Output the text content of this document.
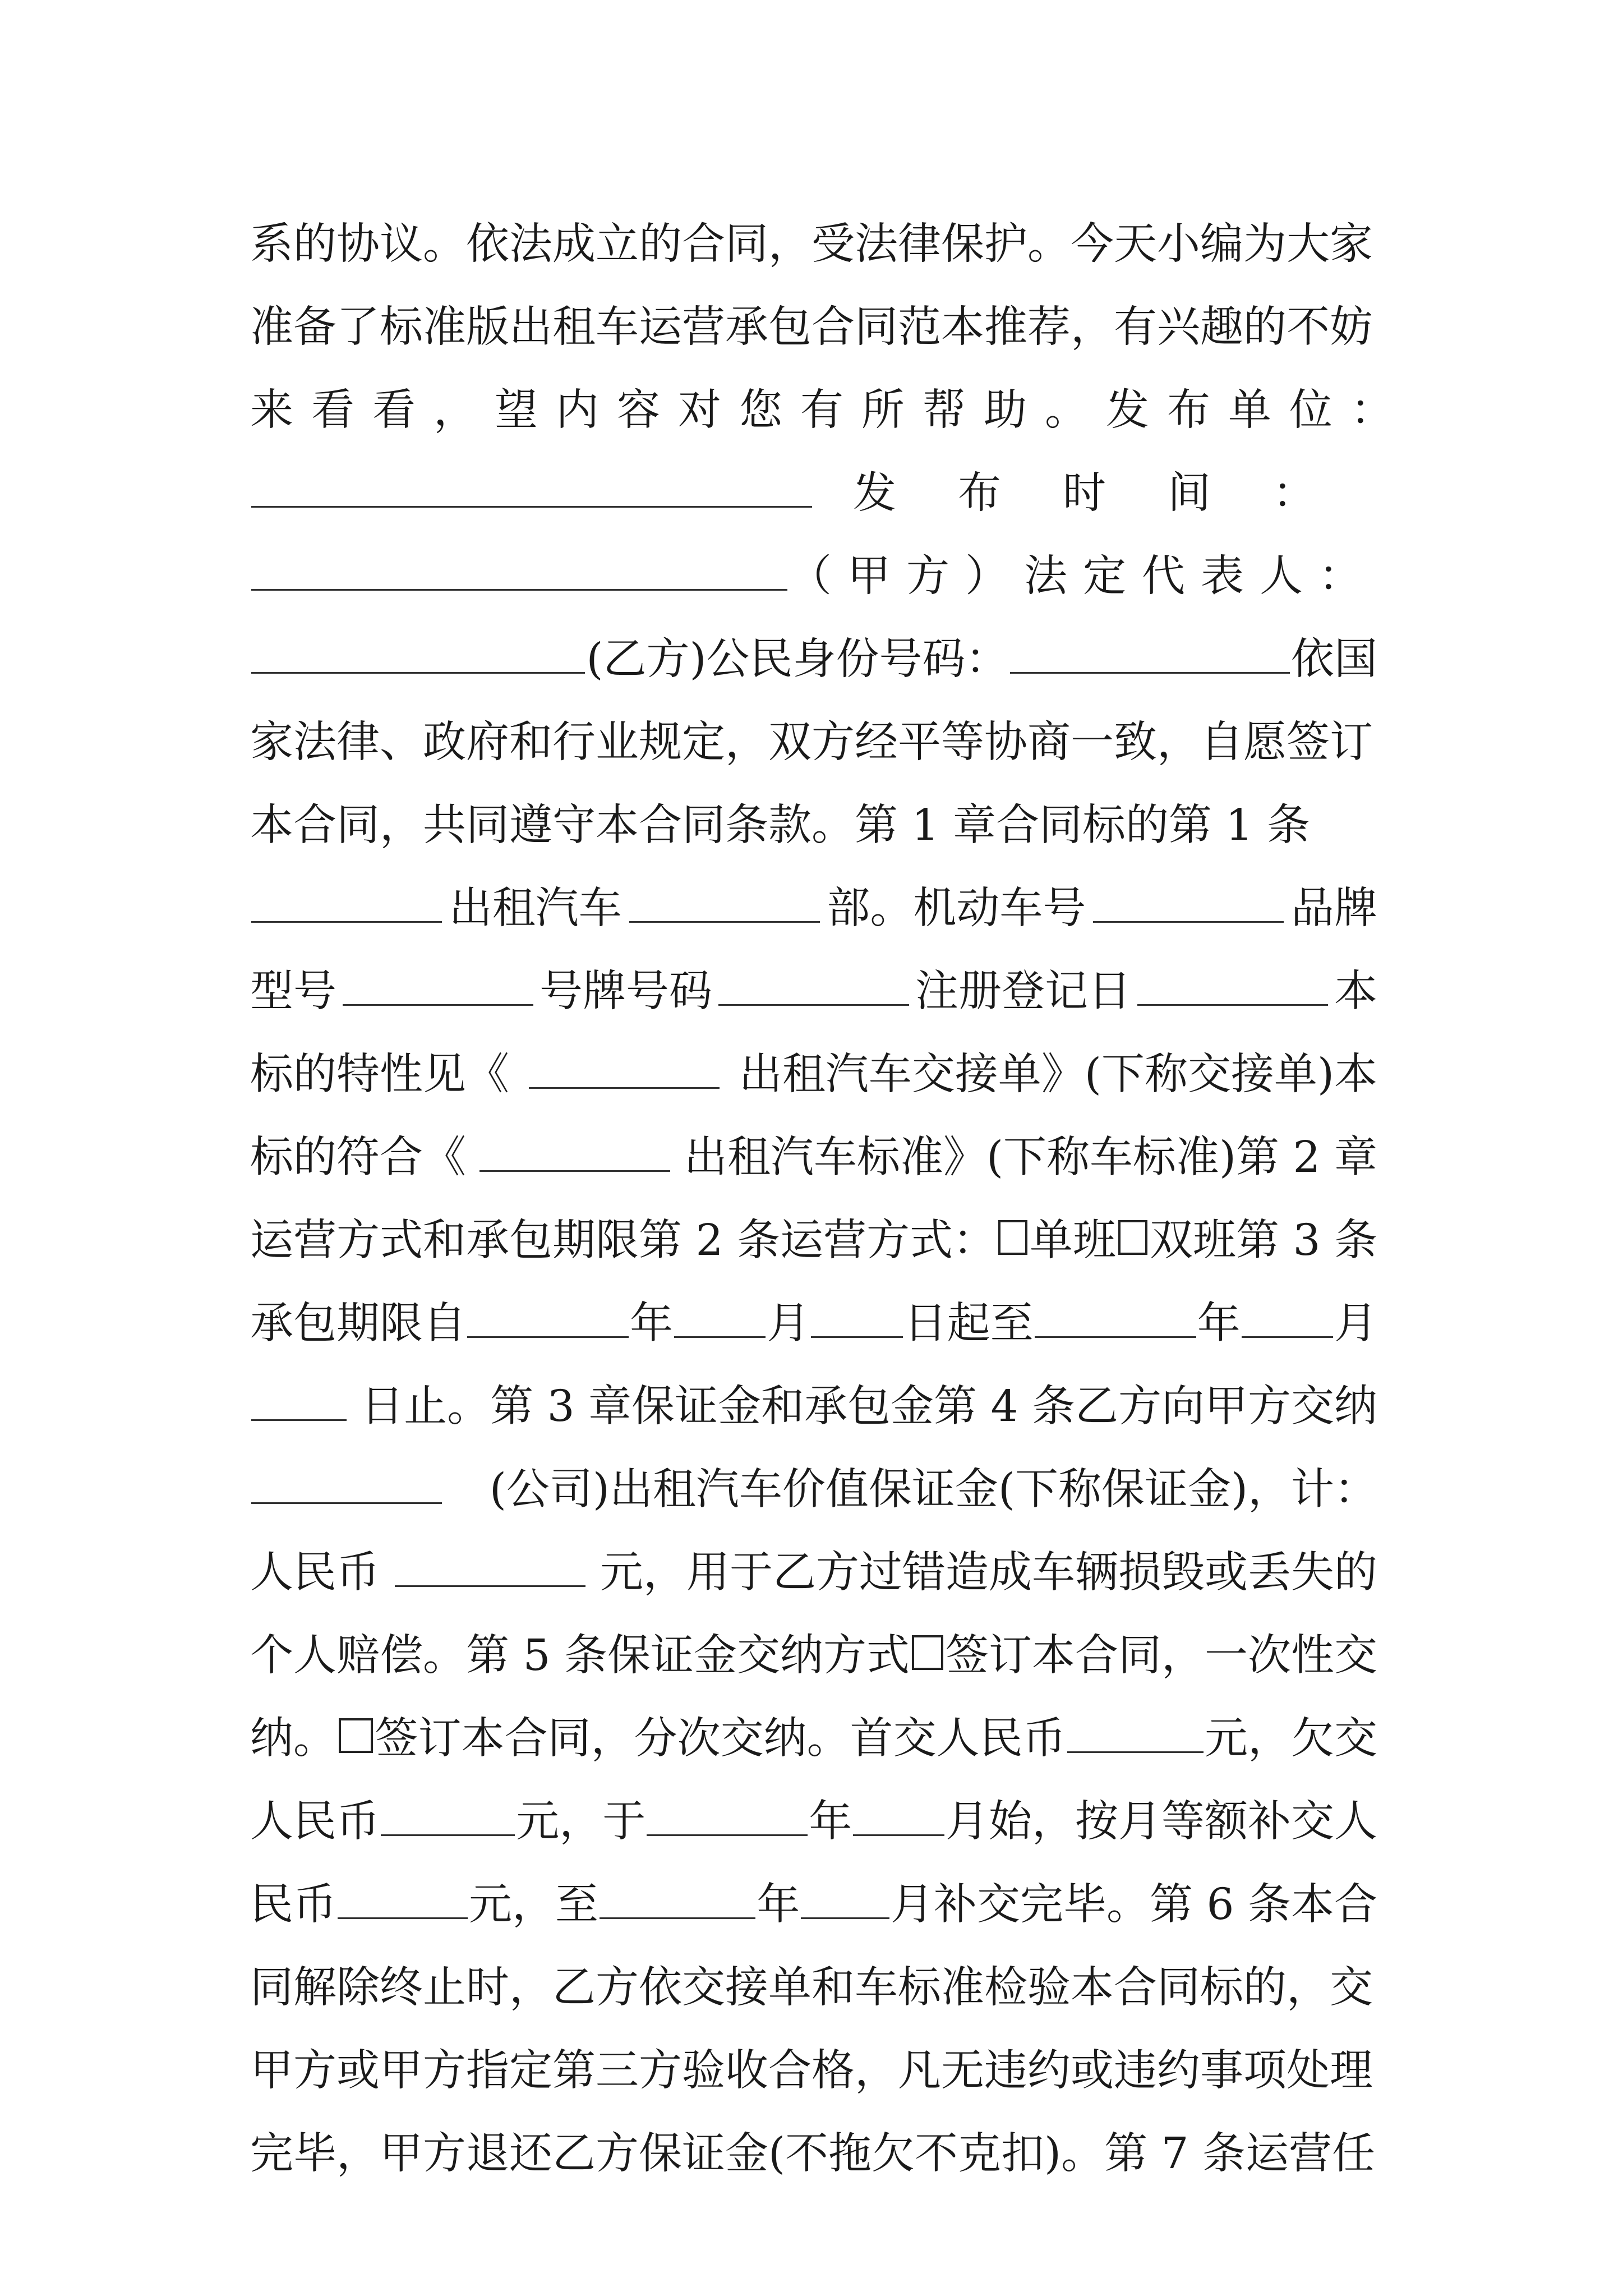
系的协议。依法成立的合同，受法律保护。今天小编为大家
准备了标准版出租车运营承包合同范本推荐，有兴趣的不妨
来看看，望内容对您有所帮助。发布单位：
发布时间：
（甲方）法定代表人：
(乙方)公民身份号码：	依国
家法律、政府和行业规定，双方经平等协商一致，自愿签订
本合同，共同遵守本合同条款。第 1 章合同标的第 1 条
出租汽车	部。机动车号	品牌
型号	号牌号码	注册登记日	本
标的特性见《	出租汽车交接单》(下称交接单)本
标的符合《	出租汽车标准》(下称车标准)第 2 章
运营方式和承包期限第 2 条运营方式： 单班 双班第 3 条
承包期限自	年 月 日起至	年 月
日止。第 3 章保证金和承包金第 4 条乙方向甲方交纳
(公司)出租汽车价值保证金(下称保证金)，计：
人民币	元，用于乙方过错造成车辆损毁或丢失的
个人赔偿。第 5 条保证金交纳方式 签订本合同，一次性交
纳。 签订本合同，分次交纳。首交人民币	元，欠交
人民币	元，于	年 月始，按月等额补交人
民币	元，至	年 月补交完毕。第 6 条本合
同解除终止时，乙方依交接单和车标准检验本合同标的，交
甲方或甲方指定第三方验收合格，凡无违约或违约事项处理
完毕，甲方退还乙方保证金(不拖欠不克扣)。第 7 条运营任
